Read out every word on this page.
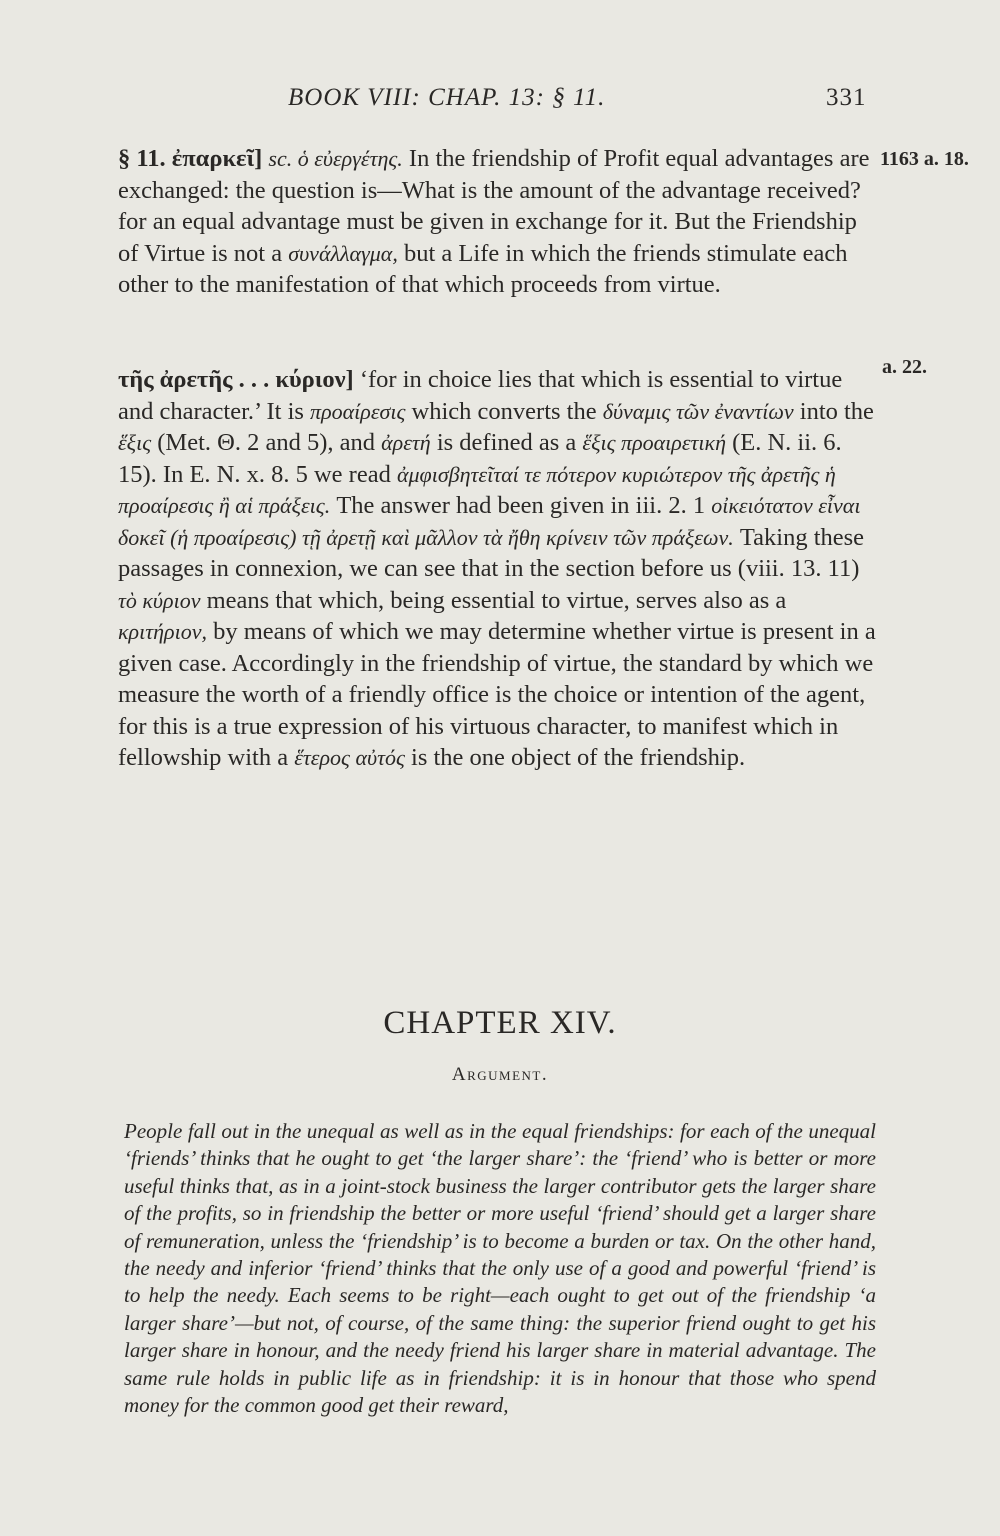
BOOK VIII: CHAP. 13: § 11.	331

§ 11. ἐπαρκεῖ] sc. ὁ εὐεργέτης. In the friendship of Profit equal advantages are exchanged: the question is—What is the amount of the advantage received? for an equal advantage must be given in exchange for it. But the Friendship of Virtue is not a συνάλλαγμα, but a Life in which the friends stimulate each other to the manifestation of that which proceeds from virtue.

1163 a. 18.

τῆς ἀρετῆς . . . κύριον] ‘for in choice lies that which is essential to virtue and character.’ It is προαίρεσις which converts the δύναμις τῶν ἐναντίων into the ἕξις (Met. Θ. 2 and 5), and ἀρετή is defined as a ἕξις προαιρετική (E. N. ii. 6. 15). In E. N. x. 8. 5 we read ἀμφισβητεῖταί τε πότερον κυριώτερον τῆς ἀρετῆς ἡ προαίρεσις ἢ αἱ πράξεις. The answer had been given in iii. 2. 1 οἰκειότατον εἶναι δοκεῖ (ἡ προαίρεσις) τῇ ἀρετῇ καὶ μᾶλλον τὰ ἤθη κρίνειν τῶν πράξεων. Taking these passages in connexion, we can see that in the section before us (viii. 13. 11) τὸ κύριον means that which, being essential to virtue, serves also as a κριτήριον, by means of which we may determine whether virtue is present in a given case. Accordingly in the friendship of virtue, the standard by which we measure the worth of a friendly office is the choice or intention of the agent, for this is a true expression of his virtuous character, to manifest which in fellowship with a ἕτερος αὐτός is the one object of the friendship.

a. 22.
CHAPTER XIV.
Argument.

People fall out in the unequal as well as in the equal friendships: for each of the unequal ‘friends’ thinks that he ought to get ‘the larger share’: the ‘friend’ who is better or more useful thinks that, as in a joint-stock business the larger contributor gets the larger share of the profits, so in friendship the better or more useful ‘friend’ should get a larger share of remuneration, unless the ‘friendship’ is to become a burden or tax. On the other hand, the needy and inferior ‘friend’ thinks that the only use of a good and powerful ‘friend’ is to help the needy. Each seems to be right—each ought to get out of the friendship ‘a larger share’—but not, of course, of the same thing: the superior friend ought to get his larger share in honour, and the needy friend his larger share in material advantage. The same rule holds in public life as in friendship: it is in honour that those who spend money for the common good get their reward,
